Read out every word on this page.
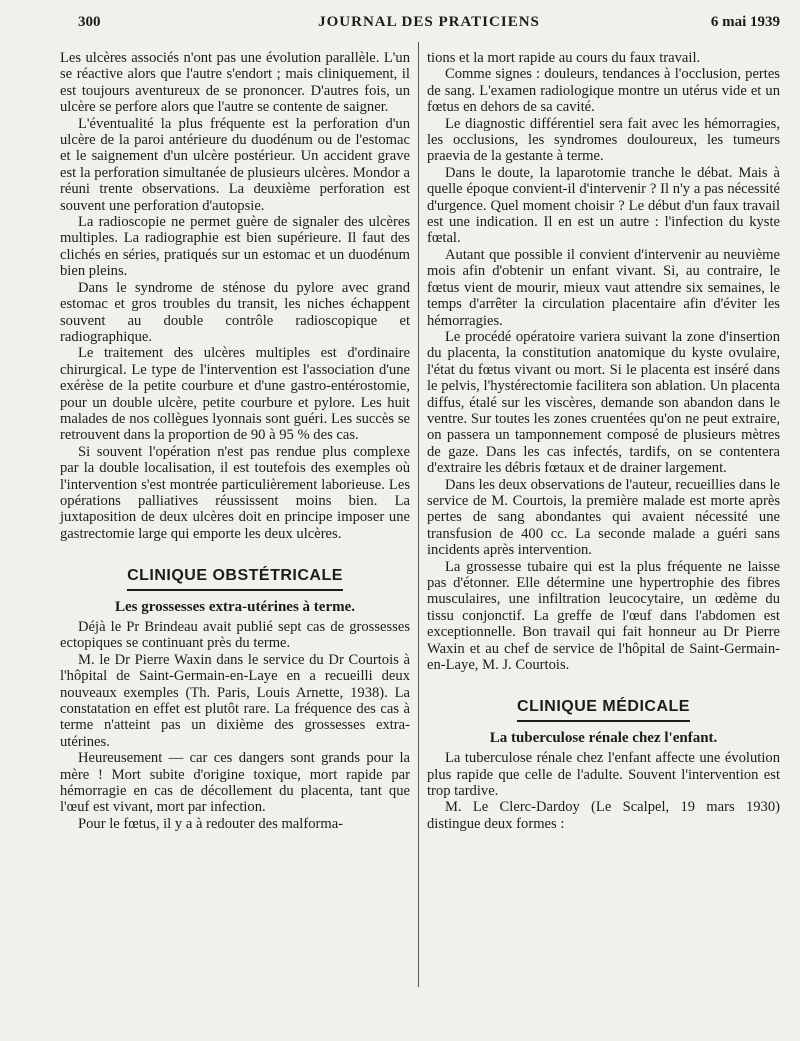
300	JOURNAL DES PRATICIENS	6 mai 1939

Les ulcères associés n'ont pas une évolution parallèle. L'un se réactive alors que l'autre s'endort ; mais cliniquement, il est toujours aventureux de se prononcer. D'autres fois, un ulcère se perfore alors que l'autre se contente de saigner.

L'éventualité la plus fréquente est la perforation d'un ulcère de la paroi antérieure du duodénum ou de l'estomac et le saignement d'un ulcère postérieur. Un accident grave est la perforation simultanée de plusieurs ulcères. Mondor a réuni trente observations. La deuxième perforation est souvent une perforation d'autopsie.

La radioscopie ne permet guère de signaler des ulcères multiples. La radiographie est bien supérieure. Il faut des clichés en séries, pratiqués sur un estomac et un duodénum bien pleins.

Dans le syndrome de sténose du pylore avec grand estomac et gros troubles du transit, les niches échappent souvent au double contrôle radioscopique et radiographique.

Le traitement des ulcères multiples est d'ordinaire chirurgical. Le type de l'intervention est l'association d'une exérèse de la petite courbure et d'une gastro-entérostomie, pour un double ulcère, petite courbure et pylore. Les huit malades de nos collègues lyonnais sont guéri. Les succès se retrouvent dans la proportion de 90 à 95 % des cas.

Si souvent l'opération n'est pas rendue plus complexe par la double localisation, il est toutefois des exemples où l'intervention s'est montrée particulièrement laborieuse. Les opérations palliatives réussissent moins bien. La juxtaposition de deux ulcères doit en principe imposer une gastrectomie large qui emporte les deux ulcères.

CLINIQUE OBSTÉTRICALE
Les grossesses extra-utérines à terme.

Déjà le Pr Brindeau avait publié sept cas de grossesses ectopiques se continuant près du terme.

M. le Dr Pierre Waxin dans le service du Dr Courtois à l'hôpital de Saint-Germain-en-Laye en a recueilli deux nouveaux exemples (Th. Paris, Louis Arnette, 1938). La constatation en effet est plutôt rare. La fréquence des cas à terme n'atteint pas un dixième des grossesses extra-utérines.

Heureusement — car ces dangers sont grands pour la mère ! Mort subite d'origine toxique, mort rapide par hémorragie en cas de décollement du placenta, tant que l'œuf est vivant, mort par infection.

Pour le fœtus, il y a à redouter des malforma-

tions et la mort rapide au cours du faux travail.

Comme signes : douleurs, tendances à l'occlusion, pertes de sang. L'examen radiologique montre un utérus vide et un fœtus en dehors de sa cavité.

Le diagnostic différentiel sera fait avec les hémorragies, les occlusions, les syndromes douloureux, les tumeurs praevia de la gestante à terme.

Dans le doute, la laparotomie tranche le débat. Mais à quelle époque convient-il d'intervenir ? Il n'y a pas nécessité d'urgence. Quel moment choisir ? Le début d'un faux travail est une indication. Il en est un autre : l'infection du kyste fœtal.

Autant que possible il convient d'intervenir au neuvième mois afin d'obtenir un enfant vivant. Si, au contraire, le fœtus vient de mourir, mieux vaut attendre six semaines, le temps d'arrêter la circulation placentaire afin d'éviter les hémorragies.

Le procédé opératoire variera suivant la zone d'insertion du placenta, la constitution anatomique du kyste ovulaire, l'état du fœtus vivant ou mort. Si le placenta est inséré dans le pelvis, l'hystérectomie facilitera son ablation. Un placenta diffus, étalé sur les viscères, demande son abandon dans le ventre. Sur toutes les zones cruentées qu'on ne peut extraire, on passera un tamponnement composé de plusieurs mètres de gaze. Dans les cas infectés, tardifs, on se contentera d'extraire les débris fœtaux et de drainer largement.

Dans les deux observations de l'auteur, recueillies dans le service de M. Courtois, la première malade est morte après pertes de sang abondantes qui avaient nécessité une transfusion de 400 cc. La seconde malade a guéri sans incidents après intervention.

La grossesse tubaire qui est la plus fréquente ne laisse pas d'étonner. Elle détermine une hypertrophie des fibres musculaires, une infiltration leucocytaire, un œdème du tissu conjonctif. La greffe de l'œuf dans l'abdomen est exceptionnelle. Bon travail qui fait honneur au Dr Pierre Waxin et au chef de service de l'hôpital de Saint-Germain-en-Laye, M. J. Courtois.

CLINIQUE MÉDICALE
La tuberculose rénale chez l'enfant.

La tuberculose rénale chez l'enfant affecte une évolution plus rapide que celle de l'adulte. Souvent l'intervention est trop tardive.

M. Le Clerc-Dardoy (Le Scalpel, 19 mars 1930) distingue deux formes :
